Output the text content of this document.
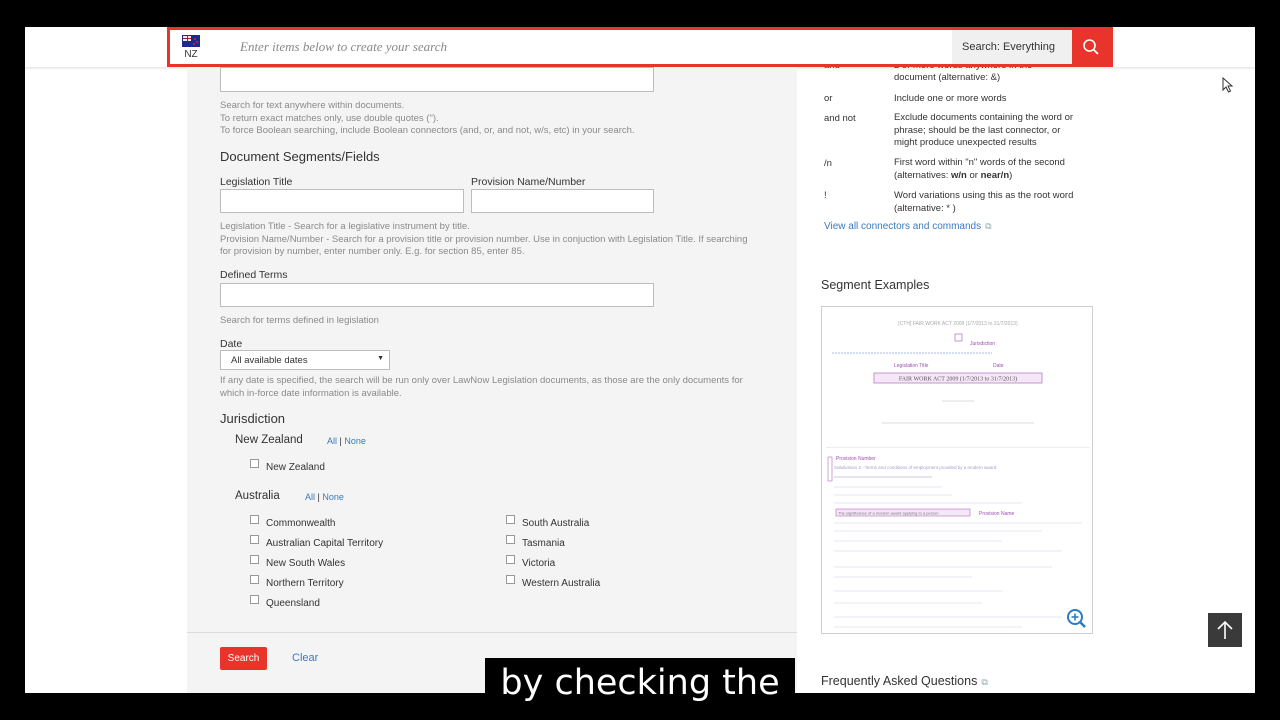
NZ	Enter items below to create your search	Search: Everything
Search for text anywhere within documents.
To return exact matches only, use double quotes (").
To force Boolean searching, include Boolean connectors (and, or, and not, w/s, etc) in your search.
Document Segments/Fields
Legislation Title	Provision Name/Number
Legislation Title - Search for a legislative instrument by title.
Provision Name/Number - Search for a provision title or provision number. Use in conjuction with Legislation Title. If searching
for provision by number, enter number only. E.g. for section 85, enter 85.
Defined Terms
Search for terms defined in legislation
Date
All available dates	▼
If any date is specified, the search will be run only over LawNow Legislation documents, as those are the only documents for
which in-force date information is available.
Jurisdiction
New Zealand	All | None
New Zealand
Australia	All | None
Commonwealth
Australian Capital Territory
New South Wales
Northern Territory
Queensland
South Australia
Tasmania
Victoria
Western Australia
Search	Clear
document (alternative: &)
or	Include one or more words
and not	Exclude documents containing the word or phrase; should be the last connector, or might produce unexpected results
/n	First word within "n" words of the second (alternatives: w/n or near/n)
!	Word variations using this as the root word (alternative: * )
View all connectors and commands ⧉
Segment Examples
[CTH] FAIR WORK ACT 2009 (1/7/2013 to 31/7/2013)
Jurisdiction
Legislation Title	Date
FAIR WORK ACT 2009 (1/7/2013 to 31/7/2013)
Provision Number
Subdivision 3 - Terms and conditions of employment provided by a modern award
The significance of a modern award applying to a person	Provision Name
Frequently Asked Questions ⧉
by checking the
